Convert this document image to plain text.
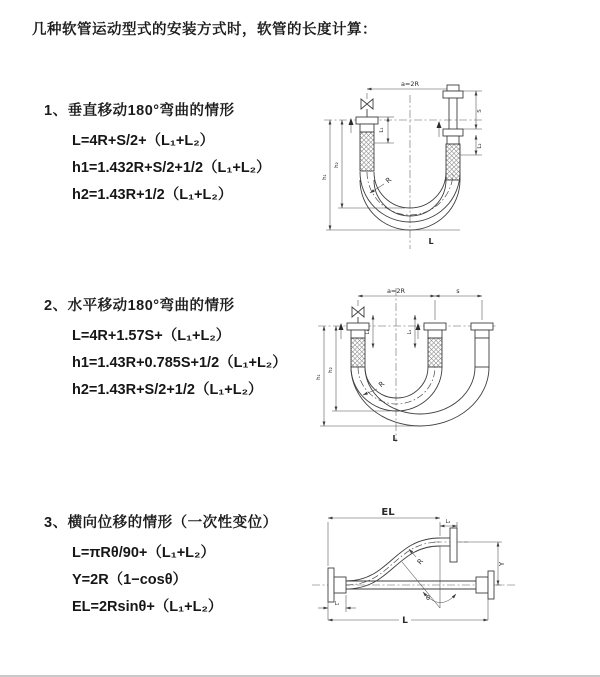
几种软管运动型式的安装方式时，软管的长度计算：
1、垂直移动180°弯曲的情形
L=4R+S/2+（L₁+L₂）
h1=1.432R+S/2+1/2（L₁+L₂）
h2=1.43R+1/2（L₁+L₂）
a=2R
L₁
S
L₂
h₁
h₂
R
L
2、水平移动180°弯曲的情形
L=4R+1.57S+（L₁+L₂）
h1=1.43R+0.785S+1/2（L₁+L₂）
h2=1.43R+S/2+1/2（L₁+L₂）
a=2R	s
L₁	L₂
h₁
h₂
R
L
3、横向位移的情形（一次性变位）
L=πRθ/90+（L₁+L₂）
Y=2R（1−cosθ）
EL=2Rsinθ+（L₁+L₂）
EL
L₂
Y
θ
R
L₁
L
